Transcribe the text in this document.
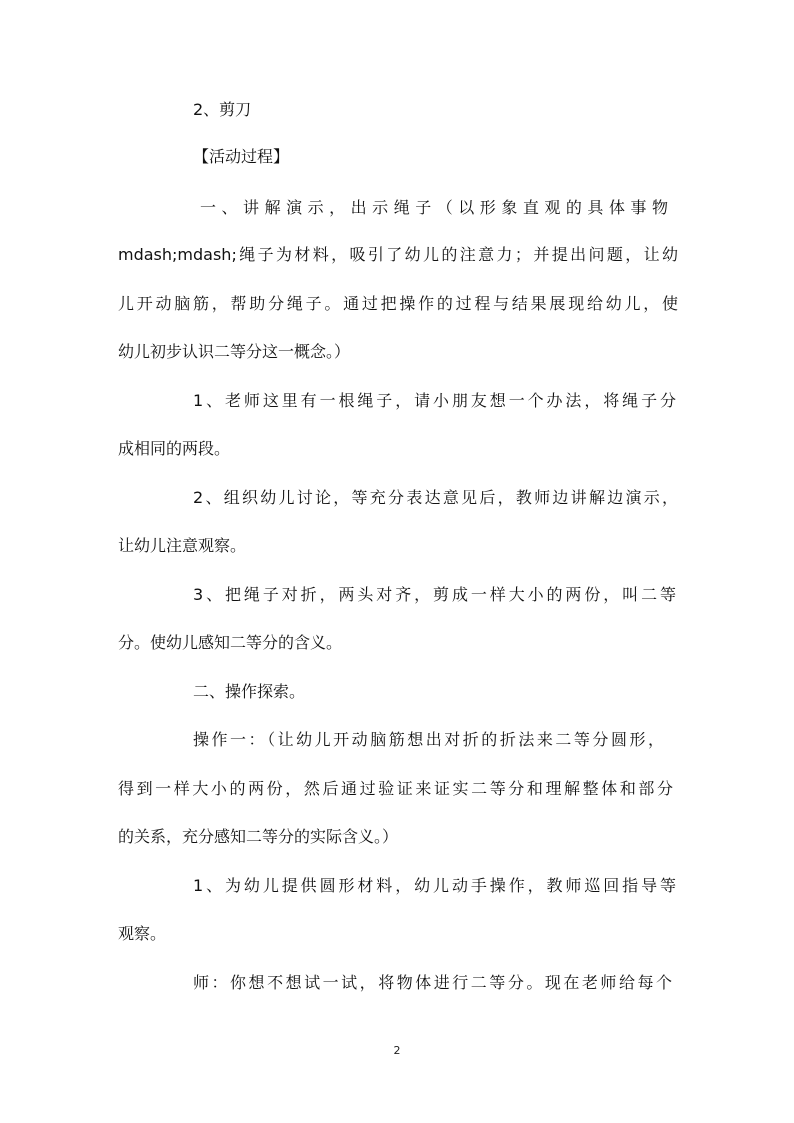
2、剪刀

【活动过程】

一、讲解演示，出示绳子（以形象直观的具体事物

mdash;mdash;绳子为材料，吸引了幼儿的注意力；并提出问题，让幼

儿开动脑筋，帮助分绳子。通过把操作的过程与结果展现给幼儿，使

幼儿初步认识二等分这一概念。）

1、老师这里有一根绳子，请小朋友想一个办法，将绳子分

成相同的两段。

2、组织幼儿讨论，等充分表达意见后，教师边讲解边演示，

让幼儿注意观察。

3、把绳子对折，两头对齐，剪成一样大小的两份，叫二等

分。使幼儿感知二等分的含义。

二、操作探索。

操作一：（让幼儿开动脑筋想出对折的折法来二等分圆形，

得到一样大小的两份，然后通过验证来证实二等分和理解整体和部分

的关系，充分感知二等分的实际含义。）

1、为幼儿提供圆形材料，幼儿动手操作，教师巡回指导等

观察。

师：你想不想试一试，将物体进行二等分。现在老师给每个

2
